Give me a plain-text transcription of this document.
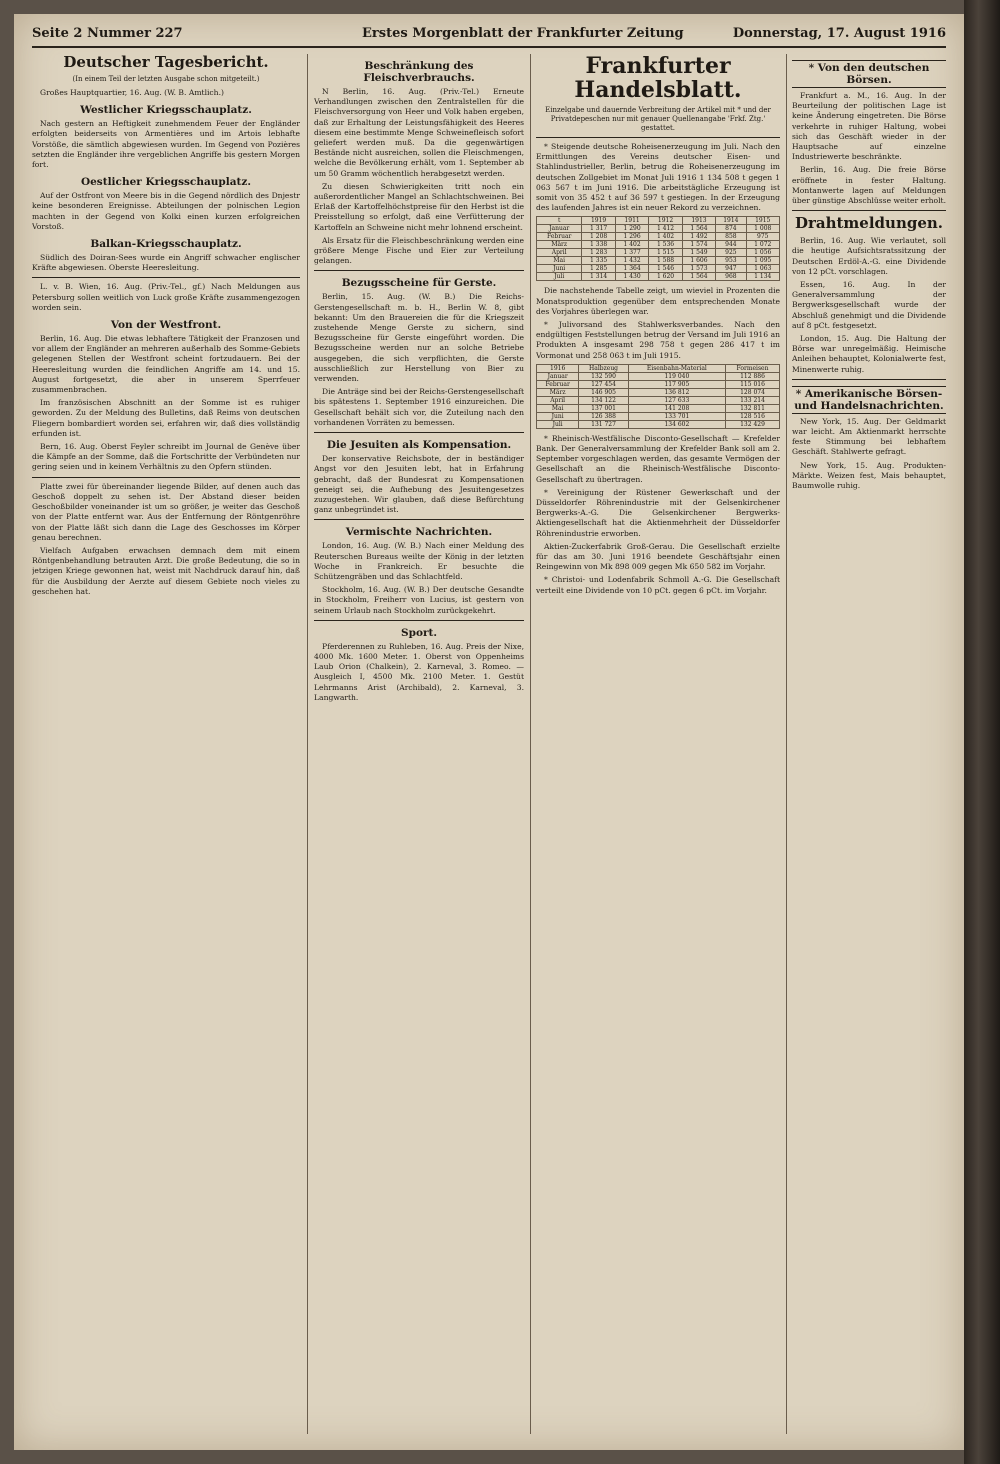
Seite 2 Nummer 227	Erstes Morgenblatt der Frankfurter Zeitung	Donnerstag, 17. August 1916
Deutscher Tagesbericht.
(In einem Teil der letzten Ausgabe schon mitgeteilt.)

Großes Hauptquartier, 16. Aug. (W. B. Amtlich.)

Westlicher Kriegsschauplatz.

Nach gestern an Heftigkeit zunehmendem Feuer der Engländer erfolgten beiderseits von Armentières und im Artois lebhafte Vorstöße, die sämtlich abgewiesen wurden. Im Gegend von Pozières setzten die Engländer ihre vergeblichen Angriffe bis gestern Morgen fort.

Oestlicher Kriegsschauplatz.

Auf der Ostfront von Meere bis in die Gegend nördlich des Dnjestr keine besonderen Ereignisse. Abteilungen der polnischen Legion machten in der Gegend von Kolki einen kurzen erfolgreichen Vorstoß.

Balkan-Kriegsschauplatz.

Südlich des Doiran-Sees wurde ein Angriff schwacher englischer Kräfte abgewiesen. Oberste Heeresleitung.

L. v. B. Wien, 16. Aug. (Priv.-Tel., gf.) Nach Meldungen aus Petersburg sollen weitlich von Luck große Kräfte zusammengezogen worden sein.

Von der Westfront.

Berlin, 16. Aug. Die etwas lebhaftere Tätigkeit der Franzosen und vor allem der Engländer an mehreren außerhalb des Somme-Gebiets gelegenen Stellen der Westfront scheint fortzudauern. Bei der Heeresleitung wurden die feindlichen Angriffe am 14. und 15. August fortgesetzt, die aber in unserem Sperrfeuer zusammenbrachen.

Im französischen Abschnitt an der Somme ist es ruhiger geworden. Zu der Meldung des Bulletins, daß Reims von deutschen Fliegern bombardiert worden sei, erfahren wir, daß dies vollständig erfunden ist.

Bern, 16. Aug. Oberst Feyler schreibt im Journal de Genève über die Kämpfe an der Somme, daß die Fortschritte der Verbündeten nur gering seien und in keinem Verhältnis zu den Opfern stünden.

Platte zwei für übereinander liegende Bilder, auf denen auch das Geschoß doppelt zu sehen ist. Der Abstand dieser beiden Geschoßbilder voneinander ist um so größer, je weiter das Geschoß von der Platte entfernt war. Aus der Entfernung der Röntgenröhre von der Platte läßt sich dann die Lage des Geschosses im Körper genau berechnen.

Vielfach Aufgaben erwachsen demnach dem mit einem Röntgenbehandlung betrauten Arzt. Die große Bedeutung, die so in jetzigen Kriege gewonnen hat, weist mit Nachdruck darauf hin, daß für die Ausbildung der Aerzte auf diesem Gebiete noch vieles zu geschehen hat.

Beschränkung des Fleischverbrauchs.

N Berlin, 16. Aug. (Priv.-Tel.) Erneute Verhandlungen zwischen den Zentralstellen für die Fleischversorgung von Heer und Volk haben ergeben, daß zur Erhaltung der Leistungsfähigkeit des Heeres diesem eine bestimmte Menge Schweinefleisch sofort geliefert werden muß. Da die gegenwärtigen Bestände nicht ausreichen, sollen die Fleischmengen, welche die Bevölkerung erhält, vom 1. September ab um 50 Gramm wöchentlich herabgesetzt werden.

Zu diesen Schwierigkeiten tritt noch ein außerordentlicher Mangel an Schlachtschweinen. Bei Erlaß der Kartoffelhöchstpreise für den Herbst ist die Preisstellung so erfolgt, daß eine Verfütterung der Kartoffeln an Schweine nicht mehr lohnend erscheint.

Als Ersatz für die Fleischbeschränkung werden eine größere Menge Fische und Eier zur Verteilung gelangen.

Bezugsscheine für Gerste.

Berlin, 15. Aug. (W. B.) Die Reichs-Gerstengesellschaft m. b. H., Berlin W. 8, gibt bekannt: Um den Brauereien die für die Kriegszeit zustehende Menge Gerste zu sichern, sind Bezugsscheine für Gerste eingeführt worden. Die Bezugsscheine werden nur an solche Betriebe ausgegeben, die sich verpflichten, die Gerste ausschließlich zur Herstellung von Bier zu verwenden.

Die Anträge sind bei der Reichs-Gerstengesellschaft bis spätestens 1. September 1916 einzureichen. Die Gesellschaft behält sich vor, die Zuteilung nach den vorhandenen Vorräten zu bemessen.

Die Jesuiten als Kompensation.

Der konservative Reichsbote, der in beständiger Angst vor den Jesuiten lebt, hat in Erfahrung gebracht, daß der Bundesrat zu Kompensationen geneigt sei, die Aufhebung des Jesuitengesetzes zuzugestehen. Wir glauben, daß diese Befürchtung ganz unbegründet ist.

Vermischte Nachrichten.

London, 16. Aug. (W. B.) Nach einer Meldung des Reuterschen Bureaus weilte der König in der letzten Woche in Frankreich. Er besuchte die Schützengräben und das Schlachtfeld.

Stockholm, 16. Aug. (W. B.) Der deutsche Gesandte in Stockholm, Freiherr von Lucius, ist gestern von seinem Urlaub nach Stockholm zurückgekehrt.

Sport.

Pferderennen zu Ruhleben, 16. Aug. Preis der Nixe, 4000 Mk. 1600 Meter. 1. Oberst von Oppenheims Laub Orion (Chalkein), 2. Karneval, 3. Romeo. — Ausgleich I, 4500 Mk. 2100 Meter. 1. Gestüt Lehrmanns Arist (Archibald), 2. Karneval, 3. Langwarth.

Frankfurter Handelsblatt.
Einzelgabe und dauernde Verbreitung der Artikel mit * und der Privatdepeschen nur mit genauer Quellenangabe 'Frkf. Ztg.' gestattet.

* Steigende deutsche Roheisenerzeugung im Juli. Nach den Ermittlungen des Vereins deutscher Eisen- und Stahlindustrieller, Berlin, betrug die Roheisenerzeugung im deutschen Zollgebiet im Monat Juli 1916 1 134 508 t gegen 1 063 567 t im Juni 1916. Die arbeitstägliche Erzeugung ist somit von 35 452 t auf 36 597 t gestiegen. In der Erzeugung des laufenden Jahres ist ein neuer Rekord zu verzeichnen.

t	1919	1911	1912	1913	1914	1915
Januar	1 317	1 290	1 412	1 564	874	1 008
Februar	1 208	1 296	1 402	1 492	858	975
März	1 338	1 402	1 536	1 574	944	1 072
April	1 283	1 377	1 515	1 549	925	1 056
Mai	1 335	1 432	1 588	1 606	953	1 095
Juni	1 285	1 364	1 546	1 573	947	1 063
Juli	1 314	1 430	1 620	1 564	968	1 134

Die nachstehende Tabelle zeigt, um wieviel in Prozenten die Monatsproduktion gegenüber dem entsprechenden Monate des Vorjahres überlegen war.

* Julivorsand des Stahlwerksverbandes. Nach den endgültigen Feststellungen betrug der Versand im Juli 1916 an Produkten A insgesamt 298 758 t gegen 286 417 t im Vormonat und 258 063 t im Juli 1915.

1916	Halbzeug	Eisenbahn-Material	Formeisen
Januar	132 590	119 040	112 886
Februar	127 454	117 905	115 016
März	146 905	136 812	128 074
April	134 122	127 633	133 214
Mai	137 001	141 208	132 811
Juni	126 388	133 701	128 516
Juli	131 727	134 602	132 429

* Rheinisch-Westfälische Disconto-Gesellschaft — Krefelder Bank. Der Generalversammlung der Krefelder Bank soll am 2. September vorgeschlagen werden, das gesamte Vermögen der Gesellschaft an die Rheinisch-Westfälische Disconto-Gesellschaft zu übertragen.

* Vereinigung der Rüstener Gewerkschaft und der Düsseldorfer Röhrenindustrie mit der Gelsenkirchener Bergwerks-A.-G. Die Gelsenkirchener Bergwerks-Aktiengesellschaft hat die Aktienmehrheit der Düsseldorfer Röhrenindustrie erworben.

Aktien-Zuckerfabrik Groß-Gerau. Die Gesellschaft erzielte für das am 30. Juni 1916 beendete Geschäftsjahr einen Reingewinn von Mk 898 009 gegen Mk 650 582 im Vorjahr.

* Christoi- und Lodenfabrik Schmoll A.-G. Die Gesellschaft verteilt eine Dividende von 10 pCt. gegen 6 pCt. im Vorjahr.

* Von den deutschen Börsen.

Frankfurt a. M., 16. Aug. In der Beurteilung der politischen Lage ist keine Änderung eingetreten. Die Börse verkehrte in ruhiger Haltung, wobei sich das Geschäft wieder in der Hauptsache auf einzelne Industriewerte beschränkte.

Berlin, 16. Aug. Die freie Börse eröffnete in fester Haltung. Montanwerte lagen auf Meldungen über günstige Abschlüsse weiter erholt.

Drahtmeldungen.

Berlin, 16. Aug. Wie verlautet, soll die heutige Aufsichtsratssitzung der Deutschen Erdöl-A.-G. eine Dividende von 12 pCt. vorschlagen.

Essen, 16. Aug. In der Generalversammlung der Bergwerksgesellschaft wurde der Abschluß genehmigt und die Dividende auf 8 pCt. festgesetzt.

London, 15. Aug. Die Haltung der Börse war unregelmäßig. Heimische Anleihen behauptet, Kolonialwerte fest, Minenwerte ruhig.

* Amerikanische Börsen- und Handelsnachrichten.

New York, 15. Aug. Der Geldmarkt war leicht. Am Aktienmarkt herrschte feste Stimmung bei lebhaftem Geschäft. Stahlwerte gefragt.

New York, 15. Aug. Produkten-Märkte. Weizen fest, Mais behauptet, Baumwolle ruhig.
